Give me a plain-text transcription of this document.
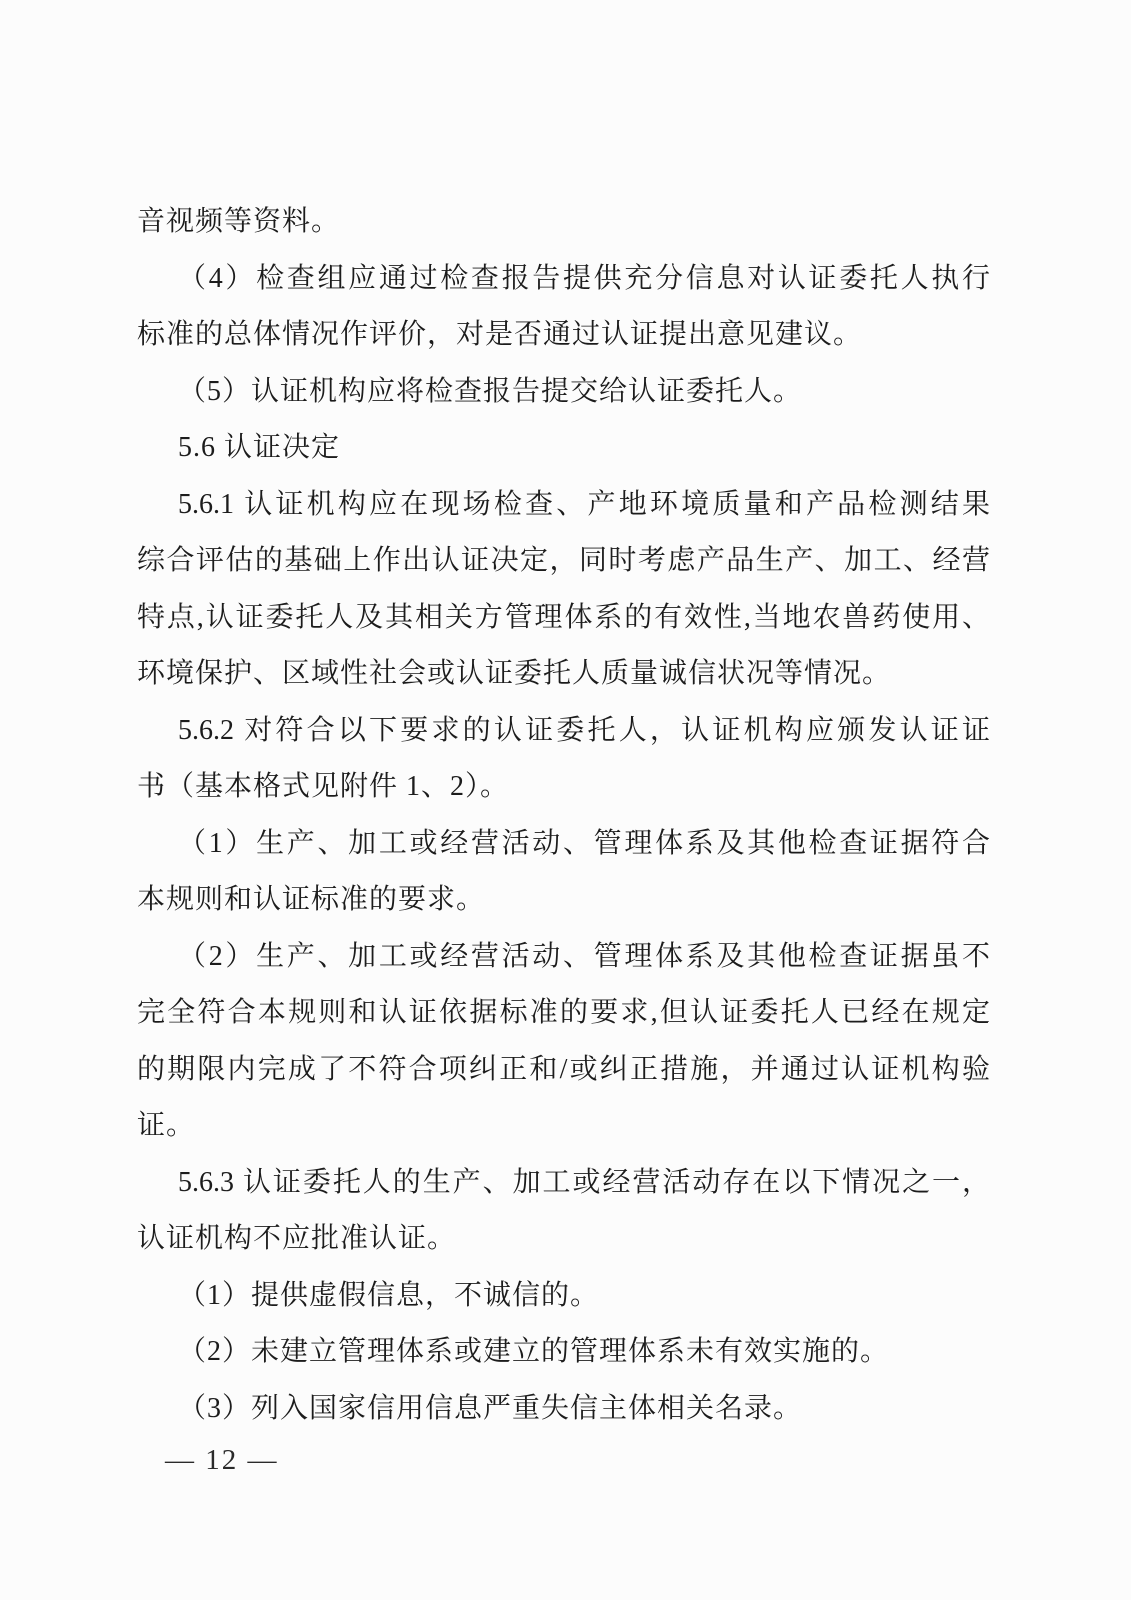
音视频等资料。
（4）检查组应通过检查报告提供充分信息对认证委托人执行
标准的总体情况作评价，对是否通过认证提出意见建议。
（5）认证机构应将检查报告提交给认证委托人。
5.6 认证决定
5.6.1 认证机构应在现场检查、产地环境质量和产品检测结果
综合评估的基础上作出认证决定，同时考虑产品生产、加工、经营
特点,认证委托人及其相关方管理体系的有效性,当地农兽药使用、
环境保护、区域性社会或认证委托人质量诚信状况等情况。
5.6.2 对符合以下要求的认证委托人，认证机构应颁发认证证
书（基本格式见附件 1、2）。
（1）生产、加工或经营活动、管理体系及其他检查证据符合
本规则和认证标准的要求。
（2）生产、加工或经营活动、管理体系及其他检查证据虽不
完全符合本规则和认证依据标准的要求,但认证委托人已经在规定
的期限内完成了不符合项纠正和/或纠正措施，并通过认证机构验
证。
5.6.3 认证委托人的生产、加工或经营活动存在以下情况之一，
认证机构不应批准认证。
（1）提供虚假信息，不诚信的。
（2）未建立管理体系或建立的管理体系未有效实施的。
（3）列入国家信用信息严重失信主体相关名录。
— 12 —
